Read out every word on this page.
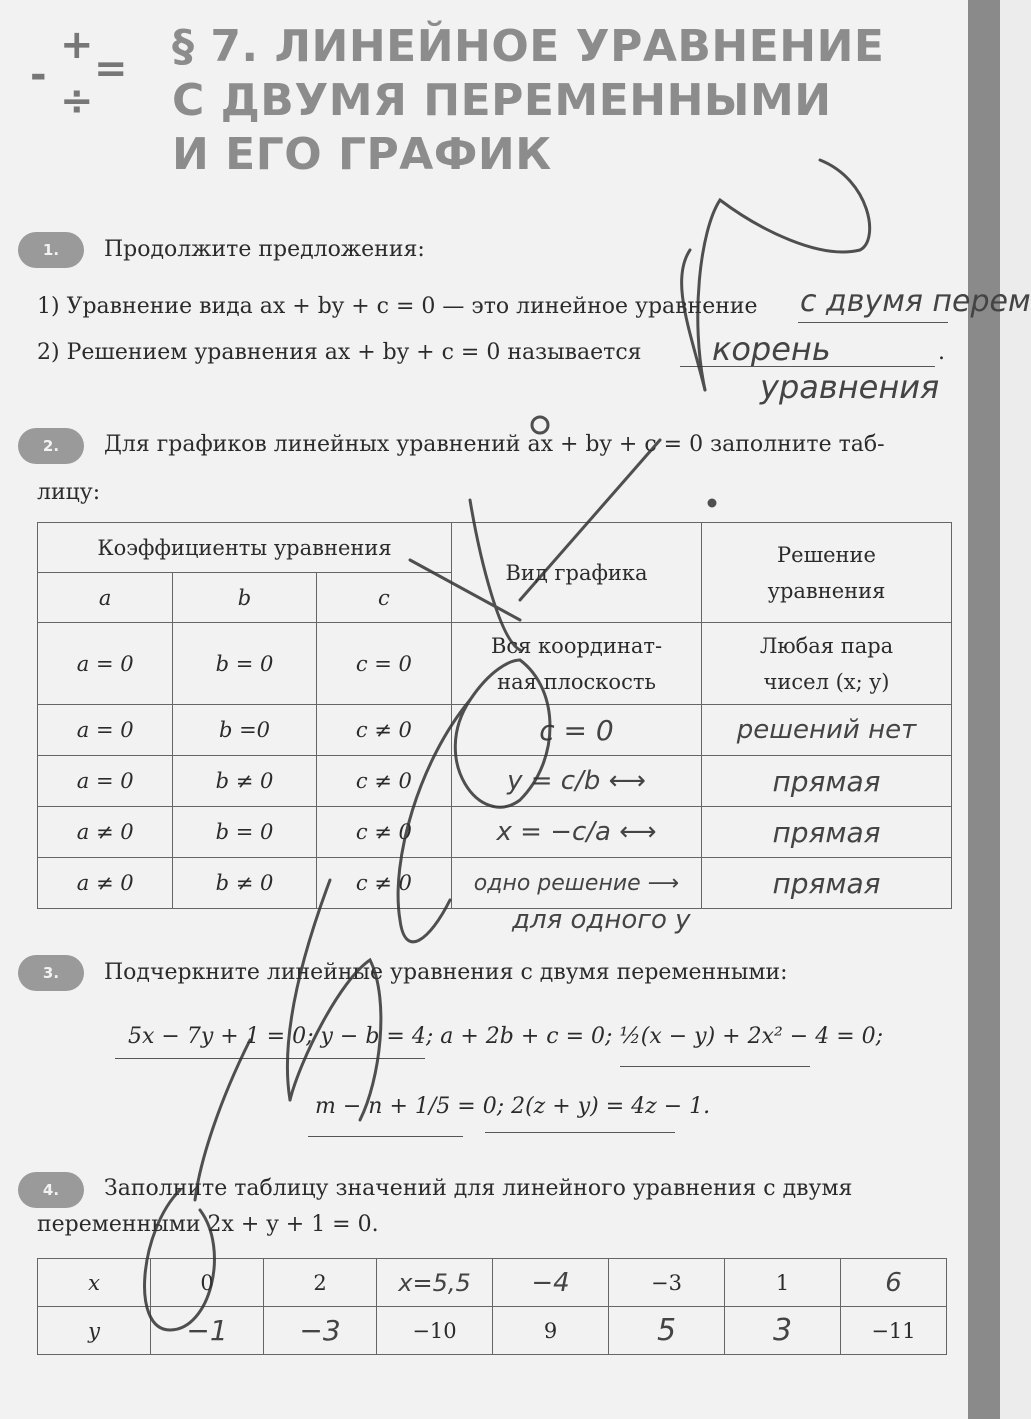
+
- =
÷
§ 7. ЛИНЕЙНОЕ УРАВНЕНИЕ
С ДВУМЯ ПЕРЕМЕННЫМИ
И ЕГО ГРАФИК
1.	Продолжите предложения:
1) Уравнение вида ax + by + c = 0 — это линейное уравнение с двумя перем
2) Решением уравнения ax + by + c = 0 называется корень
уравнения
.
2.	Для графиков линейных уравнений ax + by + c = 0 заполните таб-
лицу:
Коэффициенты уравнения			Вид графика	Решение
уравнения

a	b	c		
a = 0	b = 0	c = 0	Вся координат-
ная плоскость	Любая пара
чисел (x; y)
a = 0	b =0	c ≠ 0	c = 0	решений нет
a = 0	b ≠ 0	c ≠ 0	y = c/b ⟷	прямая
a ≠ 0	b = 0	c ≠ 0	x = −c/a ⟷	прямая
a ≠ 0	b ≠ 0	c ≠ 0	одно решение ⟶	прямая
для одного y
3.	Подчеркните линейные уравнения с двумя переменными:
5x − 7y + 1 = 0; y − b = 4; a + 2b + c = 0; ½(x − y) + 2x² − 4 = 0;
m − n + 1/5 = 0; 2(z + y) = 4z − 1.
4.	Заполните таблицу значений для линейного уравнения с двумя
переменными 2x + y + 1 = 0.
x	0	2	x=5,5	−4	−3	1	6
y	−1	−3	−10	9	5	3	−11
